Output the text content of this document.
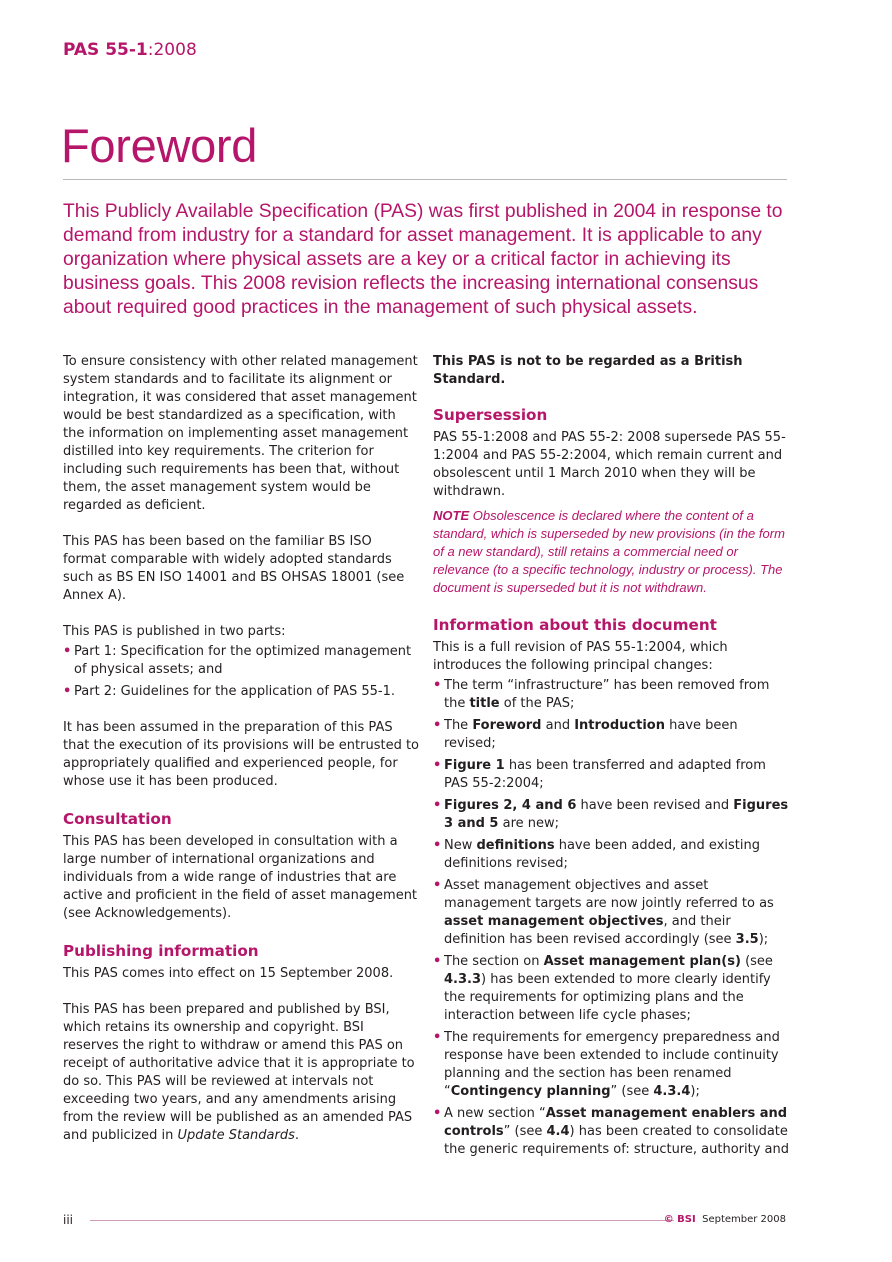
PAS 55-1:2008
Foreword
This Publicly Available Specification (PAS) was first published in 2004 in response to demand from industry for a standard for asset management. It is applicable to any organization where physical assets are a key or a critical factor in achieving its business goals. This 2008 revision reflects the increasing international consensus about required good practices in the management of such physical assets.

To ensure consistency with other related management system standards and to facilitate its alignment or integration, it was considered that asset management would be best standardized as a specification, with the information on implementing asset management distilled into key requirements. The criterion for including such requirements has been that, without them, the asset management system would be regarded as deficient.

This PAS has been based on the familiar BS ISO format comparable with widely adopted standards such as BS EN ISO 14001 and BS OHSAS 18001 (see Annex A).

This PAS is published in two parts:

• Part 1: Specification for the optimized management of physical assets; and
• Part 2: Guidelines for the application of PAS 55-1.

It has been assumed in the preparation of this PAS that the execution of its provisions will be entrusted to appropriately qualified and experienced people, for whose use it has been produced.

Consultation

This PAS has been developed in consultation with a large number of international organizations and individuals from a wide range of industries that are active and proficient in the field of asset management (see Acknowledgements).

Publishing information

This PAS comes into effect on 15 September 2008.

This PAS has been prepared and published by BSI, which retains its ownership and copyright. BSI reserves the right to withdraw or amend this PAS on receipt of authoritative advice that it is appropriate to do so. This PAS will be reviewed at intervals not exceeding two years, and any amendments arising from the review will be published as an amended PAS and publicized in Update Standards.

This PAS is not to be regarded as a British Standard.

Supersession

PAS 55-1:2008 and PAS 55-2: 2008 supersede PAS 55-1:2004 and PAS 55-2:2004, which remain current and obsolescent until 1 March 2010 when they will be withdrawn.

NOTE Obsolescence is declared where the content of a standard, which is superseded by new provisions (in the form of a new standard), still retains a commercial need or relevance (to a specific technology, industry or process). The document is superseded but it is not withdrawn.

Information about this document

This is a full revision of PAS 55-1:2004, which introduces the following principal changes:

• The term “infrastructure” has been removed from the title of the PAS;
• The Foreword and Introduction have been revised;
• Figure 1 has been transferred and adapted from PAS 55-2:2004;
• Figures 2, 4 and 6 have been revised and Figures 3 and 5 are new;
• New definitions have been added, and existing definitions revised;
• Asset management objectives and asset management targets are now jointly referred to as asset management objectives, and their definition has been revised accordingly (see 3.5);
• The section on Asset management plan(s) (see 4.3.3) has been extended to more clearly identify the requirements for optimizing plans and the interaction between life cycle phases;
• The requirements for emergency preparedness and response have been extended to include continuity planning and the section has been renamed “Contingency planning” (see 4.3.4);
• A new section “Asset management enablers and controls” (see 4.4) has been created to consolidate the generic requirements of: structure, authority and
iii	© BSI September 2008
